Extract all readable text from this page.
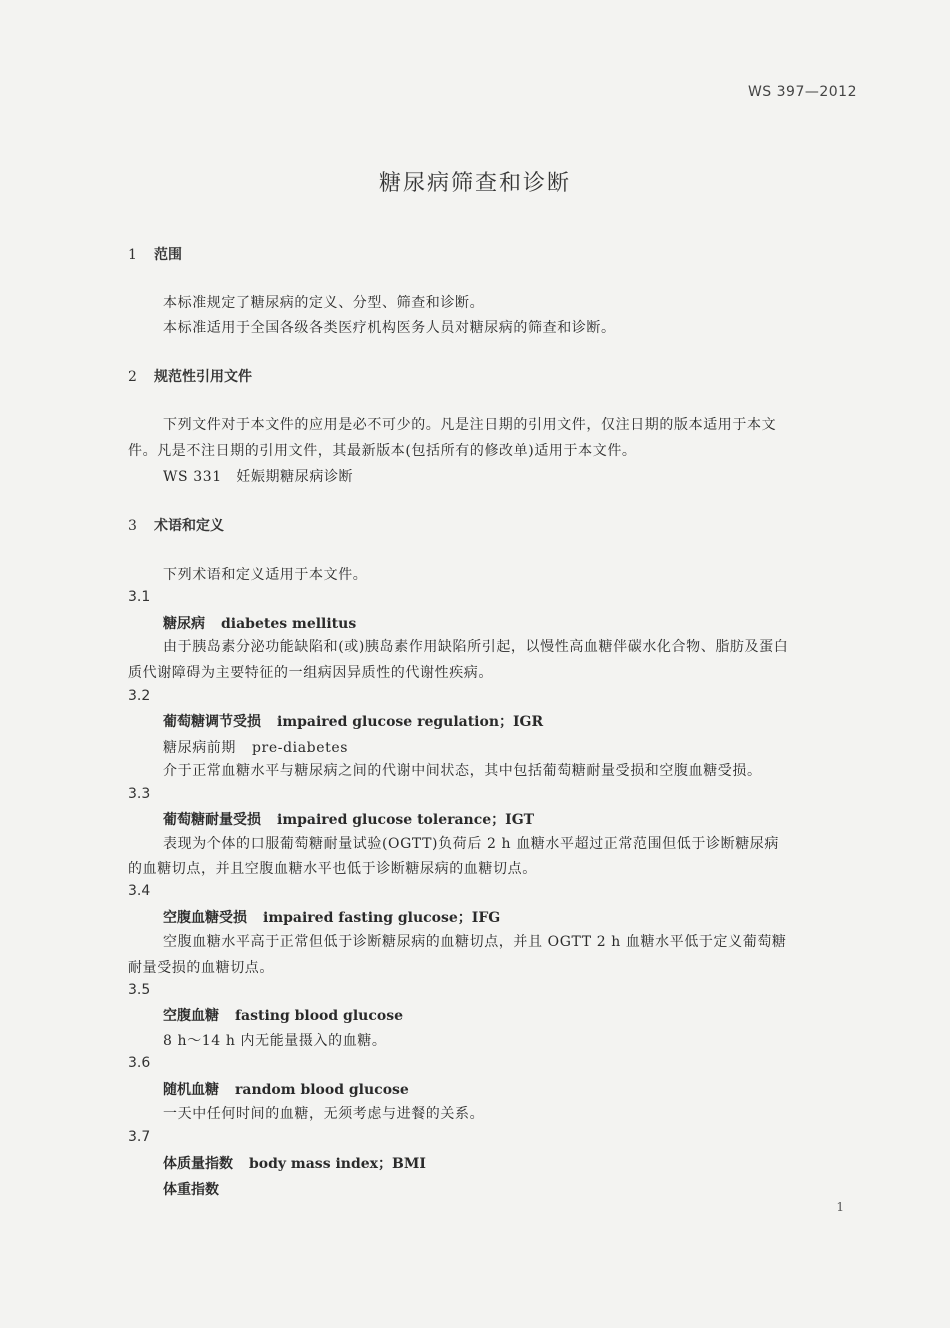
WS 397—2012
糖尿病筛查和诊断
1 范围
本标准规定了糖尿病的定义、分型、筛查和诊断。
本标准适用于全国各级各类医疗机构医务人员对糖尿病的筛查和诊断。
2 规范性引用文件
下列文件对于本文件的应用是必不可少的。凡是注日期的引用文件，仅注日期的版本适用于本文
件。凡是不注日期的引用文件，其最新版本(包括所有的修改单)适用于本文件。
WS 331　妊娠期糖尿病诊断
3 术语和定义
下列术语和定义适用于本文件。
3.1
糖尿病 diabetes mellitus
由于胰岛素分泌功能缺陷和(或)胰岛素作用缺陷所引起，以慢性高血糖伴碳水化合物、脂肪及蛋白
质代谢障碍为主要特征的一组病因异质性的代谢性疾病。
3.2
葡萄糖调节受损 impaired glucose regulation；IGR
糖尿病前期 pre-diabetes
介于正常血糖水平与糖尿病之间的代谢中间状态，其中包括葡萄糖耐量受损和空腹血糖受损。
3.3
葡萄糖耐量受损 impaired glucose tolerance；IGT
表现为个体的口服葡萄糖耐量试验(OGTT)负荷后 2 h 血糖水平超过正常范围但低于诊断糖尿病
的血糖切点，并且空腹血糖水平也低于诊断糖尿病的血糖切点。
3.4
空腹血糖受损 impaired fasting glucose；IFG
空腹血糖水平高于正常但低于诊断糖尿病的血糖切点，并且 OGTT 2 h 血糖水平低于定义葡萄糖
耐量受损的血糖切点。
3.5
空腹血糖 fasting blood glucose
8 h～14 h 内无能量摄入的血糖。
3.6
随机血糖 random blood glucose
一天中任何时间的血糖，无须考虑与进餐的关系。
3.7
体质量指数 body mass index；BMI
体重指数
1
